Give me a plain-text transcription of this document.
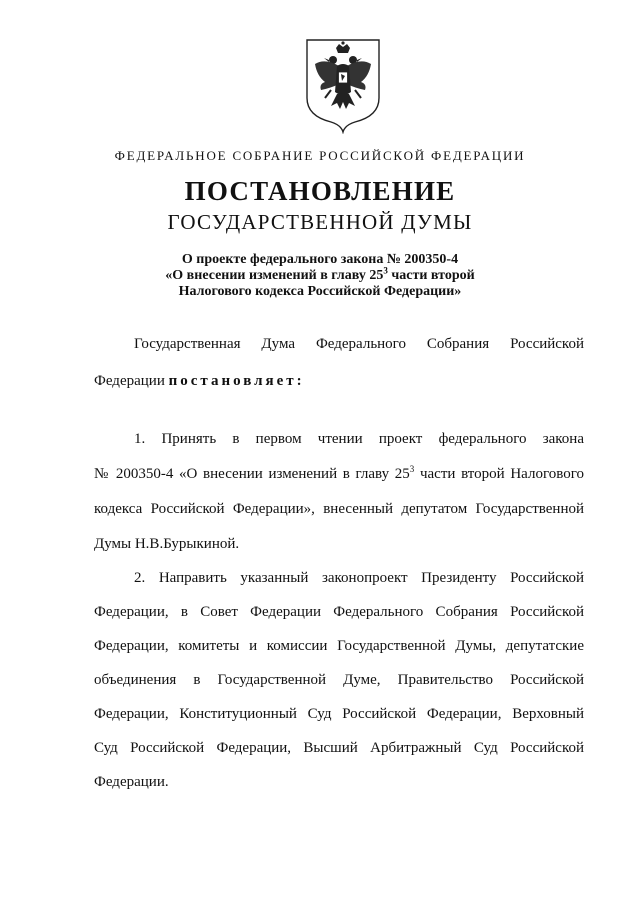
ФЕДЕРАЛЬНОЕ СОБРАНИЕ РОССИЙСКОЙ ФЕДЕРАЦИИ
ПОСТАНОВЛЕНИЕ
ГОСУДАРСТВЕННОЙ ДУМЫ
О проекте федерального закона № 200350-4
«О внесении изменений в главу $25^3$ части второй
Налогового кодекса Российской Федерации»
Государственная Дума Федерального Собрания Российской
Федерации постановляет:
1. Принять в первом чтении проект федерального закона
№ 200350-4 «О внесении изменений в главу $25^3$ части второй Налогового
кодекса Российской Федерации», внесенный депутатом Государственной
Думы Н.В.Бурыкиной.
2. Направить указанный законопроект Президенту Российской
Федерации, в Совет Федерации Федерального Собрания Российской
Федерации, комитеты и комиссии Государственной Думы, депутатские
объединения в Государственной Думе, Правительство Российской
Федерации, Конституционный Суд Российской Федерации, Верховный
Суд Российской Федерации, Высший Арбитражный Суд Российской
Федерации.
